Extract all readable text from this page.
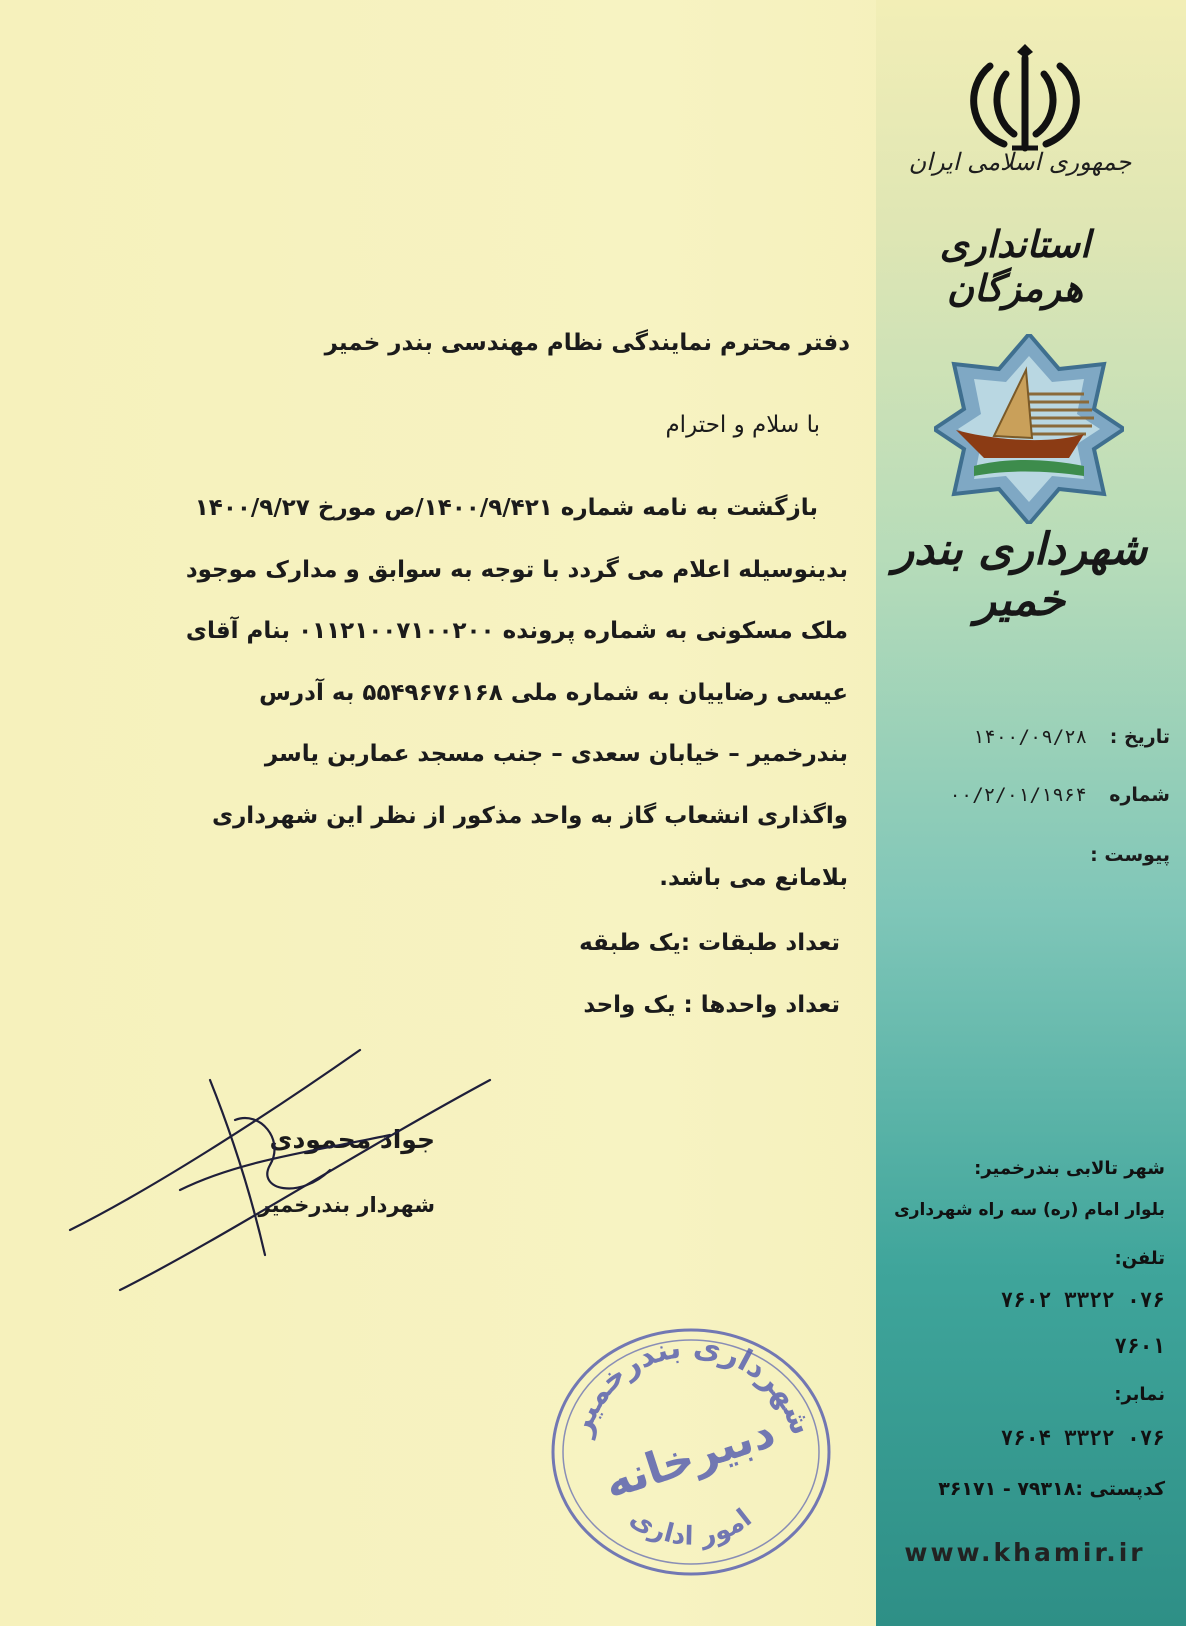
جمهوری اسلامی ایران
استانداری هرمزگان
شهرداری بندر خمیر
تاریخ : ۱۴۰۰/۰۹/۲۸
شماره ۰۰/۲/۰۱/۱۹۶۴
پیوست :
دفتر محترم نمایندگی نظام مهندسی بندر خمیر
با سلام و احترام

بازگشت به نامه شماره ۱۴۰۰/۹/۴۲۱/ص مورخ ۱۴۰۰/۹/۲۷

بدینوسیله اعلام می گردد با توجه به سوابق و مدارک موجود

ملک مسکونی به شماره پرونده ۰۱۱۲۱۰۰۷۱۰۰۲۰۰ بنام آقای

عیسی رضاییان به شماره ملی ۵۵۴۹۶۷۶۱۶۸ به آدرس

بندرخمیر – خیابان سعدی – جنب مسجد عماربن یاسر

واگذاری انشعاب گاز به واحد مذکور از نظر این شهرداری

بلامانع می باشد.

تعداد طبقات :یک طبقه
تعداد واحدها : یک واحد
جواد محمودی
شهردار بندرخمیر
شهرداری بندرخمیر
دبیرخانه
امور اداری
شهر تالابی بندرخمیر:
بلوار امام (ره) سه راه شهرداری
تلفن:
۰۷۶ ۳۳۲۲ ۷۶۰۲
۷۶۰۱
نمابر:
۰۷۶ ۳۳۲۲ ۷۶۰۴
کدپستی :۷۹۳۱۸ - ۳۶۱۷۱
www.khamir.ir
